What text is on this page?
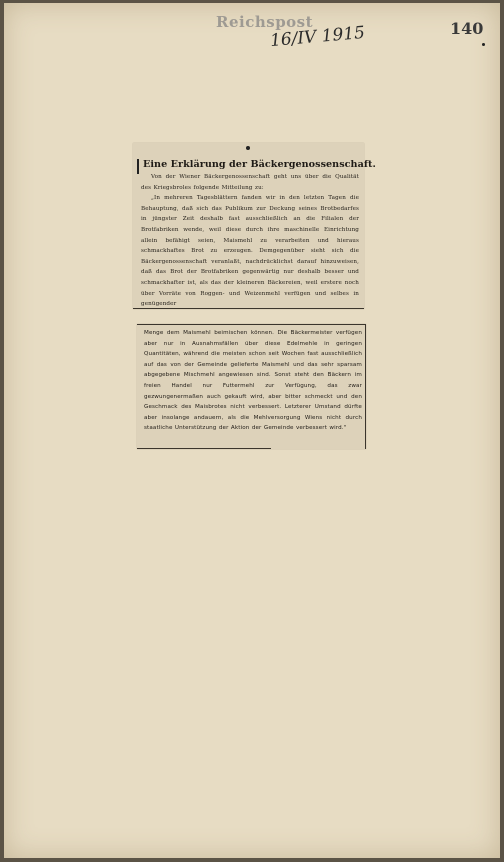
Reichspost
16/IV 1915	140
Eine Erklärung der Bäckergenossenschaft.

Von der Wiener Bäckergenossenschaft geht uns über die Qualität des Kriegsbroles folgende Mitteilung zu:

„In mehreren Tagesblättern fanden wir in den letzten Tagen die Behauptung, daß sich das Publikum zur Deckung seines Brotbedarfes in jüngster Zeit deshalb fast ausschließlich an die Filialen der Brotfabriken wende, weil diese durch ihre maschinelle Einrichtung allein befähigt seien, Maismehl zu verarbeiten und hieraus schmackhaftes Brot zu erzeugen. Demgegenüber sieht sich die Bäckergenossenschaft veranlaßt, nachdrücklichst darauf hinzuweisen, daß das Brot der Brotfabriken gegenwärtig nur deshalb besser und schmackhafter ist, als das der kleineren Bäckereien, weil erstere noch über Vorräte von Roggen- und Weizenmehl verfügen und selbes in genügender

Menge dem Maismehl beimischen können. Die Bäckermeister verfügen aber nur in Ausnahmsfällen über diese Edelmehle in geringen Quantitäten, während die meisten schon seit Wochen fast ausschließlich auf das von der Gemeinde gelieferte Maismehl und das sehr sparsam abgegebene Mischmehl angewiesen sind. Sonst steht den Bäckern im freien Handel nur Futtermehl zur Verfügung, das zwar gezwungenermaßen auch gekauft wird, aber bitter schmeckt und den Geschmack des Maisbrotes nicht verbessert. Letzterer Umstand dürfte aber insolange andauern, als die Mehlversorgung Wiens nicht durch staatliche Unterstützung der Aktion der Gemeinde verbessert wird."
